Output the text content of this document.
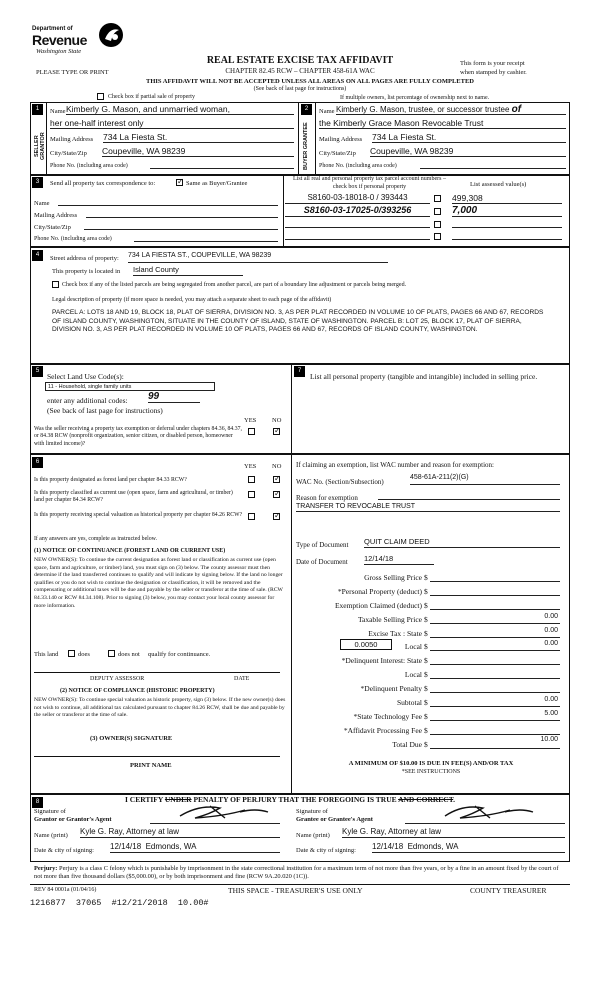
Department of
Revenue
Washington State
PLEASE TYPE OR PRINT
REAL ESTATE EXCISE TAX AFFIDAVIT
CHAPTER 82.45 RCW – CHAPTER 458-61A WAC
This form is your receipt
when stamped by cashier.
THIS AFFIDAVIT WILL NOT BE ACCEPTED UNLESS ALL AREAS ON ALL PAGES ARE FULLY COMPLETED
(See back of last page for instructions)
Check box if partial sale of property	If multiple owners, list percentage of ownership next to name.
1
SELLER GRANTOR
Name Kimberly G. Mason, and unmarried woman,
her one-half interest only
Mailing Address 734 La Fiesta St.
City/State/Zip Coupeville, WA 98239
Phone No. (including area code)
2
BUYER GRANTEE
Name Kimberly G. Mason, trustee, or successor trustee of
the Kimberly Grace Mason Revocable Trust
Mailing Address 734 La Fiesta St.
City/State/Zip Coupeville, WA 98239
Phone No. (including area code)
3	Send all property tax correspondence to:
✓	Same as Buyer/Grantee
Name
Mailing Address
City/State/Zip
Phone No. (including area code)
List all real and personal property tax parcel account numbers – check box if personal property	List assessed value(s)
S8160-03-18018-0 / 393443	499,308
S8160-03-17025-0/393256	7,000
4	Street address of property: 734 LA FIESTA ST., COUPEVILLE, WA 98239
This property is located in Island County
Check box if any of the listed parcels are being segregated from another parcel, are part of a boundary line adjustment or parcels being merged.
Legal description of property (if more space is needed, you may attach a separate sheet to each page of the affidavit)
PARCEL A: LOTS 18 AND 19, BLOCK 18, PLAT OF SIERRA, DIVISION NO. 3, AS PER PLAT RECORDED IN VOLUME 10 OF PLATS, PAGES 66 AND 67, RECORDS OF ISLAND COUNTY, WASHINGTON, SITUATE IN THE COUNTY OF ISLAND, STATE OF WASHINGTON. PARCEL B: LOT 25, BLOCK 17, PLAT OF SIERRA, DIVISION NO. 3, AS PER PLAT RECORDED IN VOLUME 10 OF PLATS, PAGES 66 AND 67, RECORDS OF ISLAND COUNTY, WASHINGTON.
5
Select Land Use Code(s):
11 - Household, single family units
enter any additional codes: 99
(See back of last page for instructions)
YES NO
Was the seller receiving a property tax exemption or deferral under chapters 84.36, 84.37, or 84.38 RCW (nonprofit organization, senior citizen, or disabled person, homeowner with limited income)?
✓
7
List all personal property (tangible and intangible) included in selling price.
6
YES NO
Is this property designated as forest land per chapter 84.33 RCW?
✓
Is this property classified as current use (open space, farm and agricultural, or timber) land per chapter 84.34 RCW?
✓
Is this property receiving special valuation as historical property per chapter 84.26 RCW?
✓
If any answers are yes, complete as instructed below.
(1) NOTICE OF CONTINUANCE (FOREST LAND OR CURRENT USE)
NEW OWNER(S): To continue the current designation as forest land or classification as current use (open space, farm and agriculture, or timber) land, you must sign on (3) below. The county assessor must then determine if the land transferred continues to qualify and will indicate by signing below. If the land no longer qualifies or you do not wish to continue the designation or classification, it will be removed and the compensating or additional taxes will be due and payable by the seller or transferor at the time of sale. (RCW 84.33.140 or RCW 84.34.108). Prior to signing (3) below, you may contact your local county assessor for more information.
This land	does	does not qualify for continuance.
DEPUTY ASSESSOR	DATE
(2) NOTICE OF COMPLIANCE (HISTORIC PROPERTY)
NEW OWNER(S): To continue special valuation as historic property, sign (3) below. If the new owner(s) does not wish to continue, all additional tax calculated pursuant to chapter 84.26 RCW, shall be due and payable by the seller or transferor at the time of sale.
(3) OWNER(S) SIGNATURE
PRINT NAME
If claiming an exemption, list WAC number and reason for exemption:
WAC No. (Section/Subsection)
458-61A-211(2)(G)
Reason for exemption
TRANSFER TO REVOCABLE TRUST
Type of Document QUIT CLAIM DEED
Date of Document 12/14/18
Gross Selling Price $
*Personal Property (deduct) $
Exemption Claimed (deduct) $
Taxable Selling Price $	0.00
Excise Tax : State $	0.00
0.0050	Local $	0.00
*Delinquent Interest: State $
Local $
*Delinquent Penalty $
Subtotal $	0.00
*State Technology Fee $	5.00
*Affidavit Processing Fee $
Total Due $
10.00
A MINIMUM OF $10.00 IS DUE IN FEE(S) AND/OR TAX
*SEE INSTRUCTIONS
8	I CERTIFY UNDER PENALTY OF PERJURY THAT THE FOREGOING IS TRUE AND CORRECT.
Signature of
Grantor or Grantor's Agent
Name (print) Kyle G. Ray, Attorney at law
Date & city of signing: 12/14/18  Edmonds, WA
Signature of
Grantee or Grantee's Agent
Name (print) Kyle G. Ray, Attorney at law
Date & city of signing: 12/14/18  Edmonds, WA
Perjury: Perjury is a class C felony which is punishable by imprisonment in the state correctional institution for a maximum term of not more than five years, or by a fine in an amount fixed by the court of not more than five thousand dollars ($5,000.00), or by both imprisonment and fine (RCW 9A.20.020 (1C)).
REV 84 0001a (01/04/16)	THIS SPACE - TREASURER'S USE ONLY	COUNTY TREASURER
1216877  37065  #12/21/2018  10.00#
